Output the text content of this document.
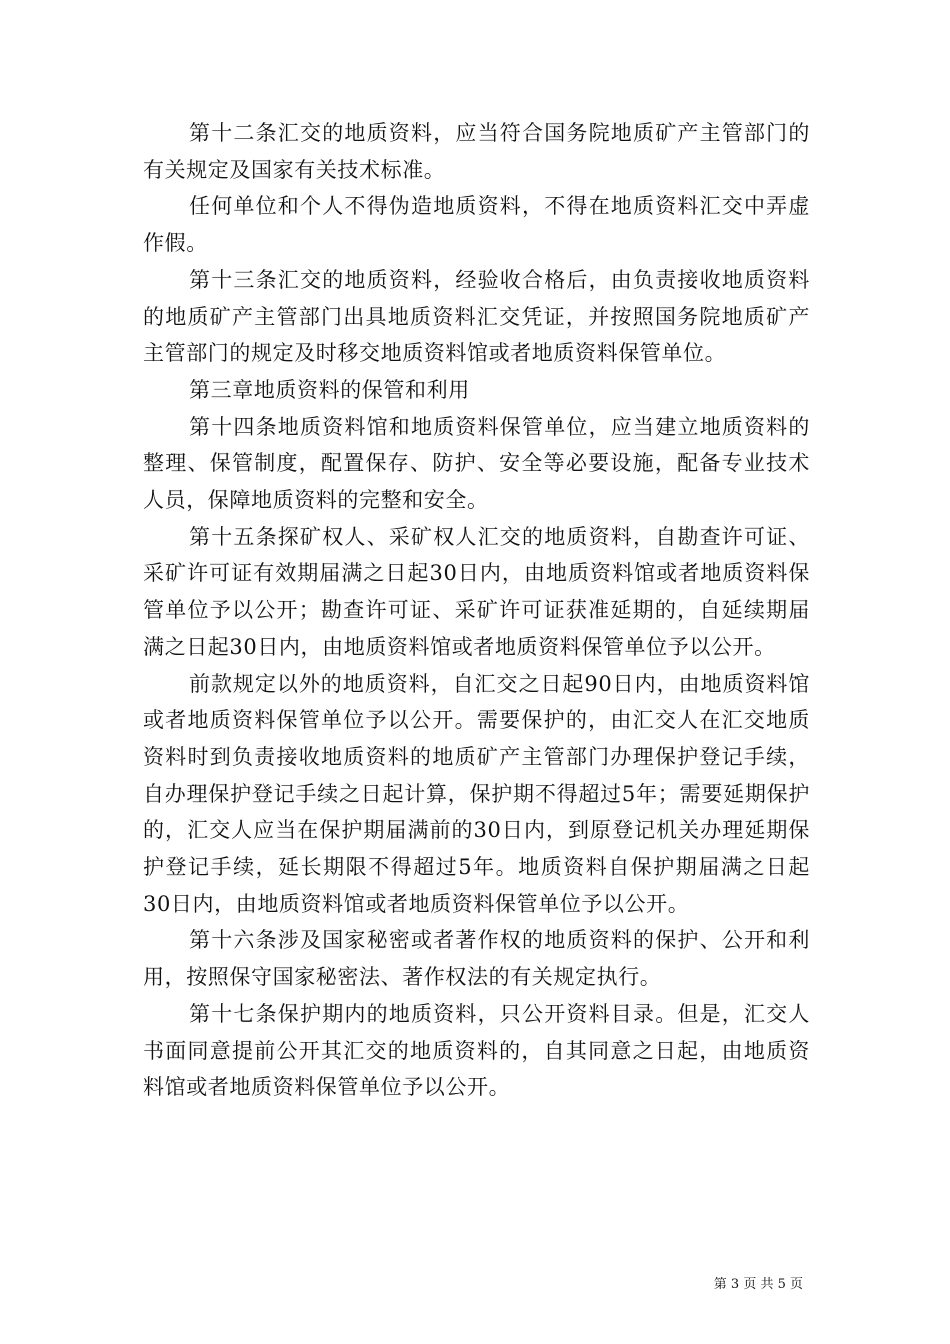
第十二条汇交的地质资料，应当符合国务院地质矿产主管部门的有关规定及国家有关技术标准。

任何单位和个人不得伪造地质资料，不得在地质资料汇交中弄虚作假。

第十三条汇交的地质资料，经验收合格后，由负责接收地质资料的地质矿产主管部门出具地质资料汇交凭证，并按照国务院地质矿产主管部门的规定及时移交地质资料馆或者地质资料保管单位。

第三章地质资料的保管和利用

第十四条地质资料馆和地质资料保管单位，应当建立地质资料的整理、保管制度，配置保存、防护、安全等必要设施，配备专业技术人员，保障地质资料的完整和安全。

第十五条探矿权人、采矿权人汇交的地质资料，自勘查许可证、采矿许可证有效期届满之日起30日内，由地质资料馆或者地质资料保管单位予以公开；勘查许可证、采矿许可证获准延期的，自延续期届满之日起30日内，由地质资料馆或者地质资料保管单位予以公开。

前款规定以外的地质资料，自汇交之日起90日内，由地质资料馆或者地质资料保管单位予以公开。需要保护的，由汇交人在汇交地质资料时到负责接收地质资料的地质矿产主管部门办理保护登记手续，自办理保护登记手续之日起计算，保护期不得超过5年；需要延期保护的，汇交人应当在保护期届满前的30日内，到原登记机关办理延期保护登记手续，延长期限不得超过5年。地质资料自保护期届满之日起30日内，由地质资料馆或者地质资料保管单位予以公开。

第十六条涉及国家秘密或者著作权的地质资料的保护、公开和利用，按照保守国家秘密法、著作权法的有关规定执行。

第十七条保护期内的地质资料，只公开资料目录。但是，汇交人书面同意提前公开其汇交的地质资料的，自其同意之日起，由地质资料馆或者地质资料保管单位予以公开。

第 3 页 共 5 页
